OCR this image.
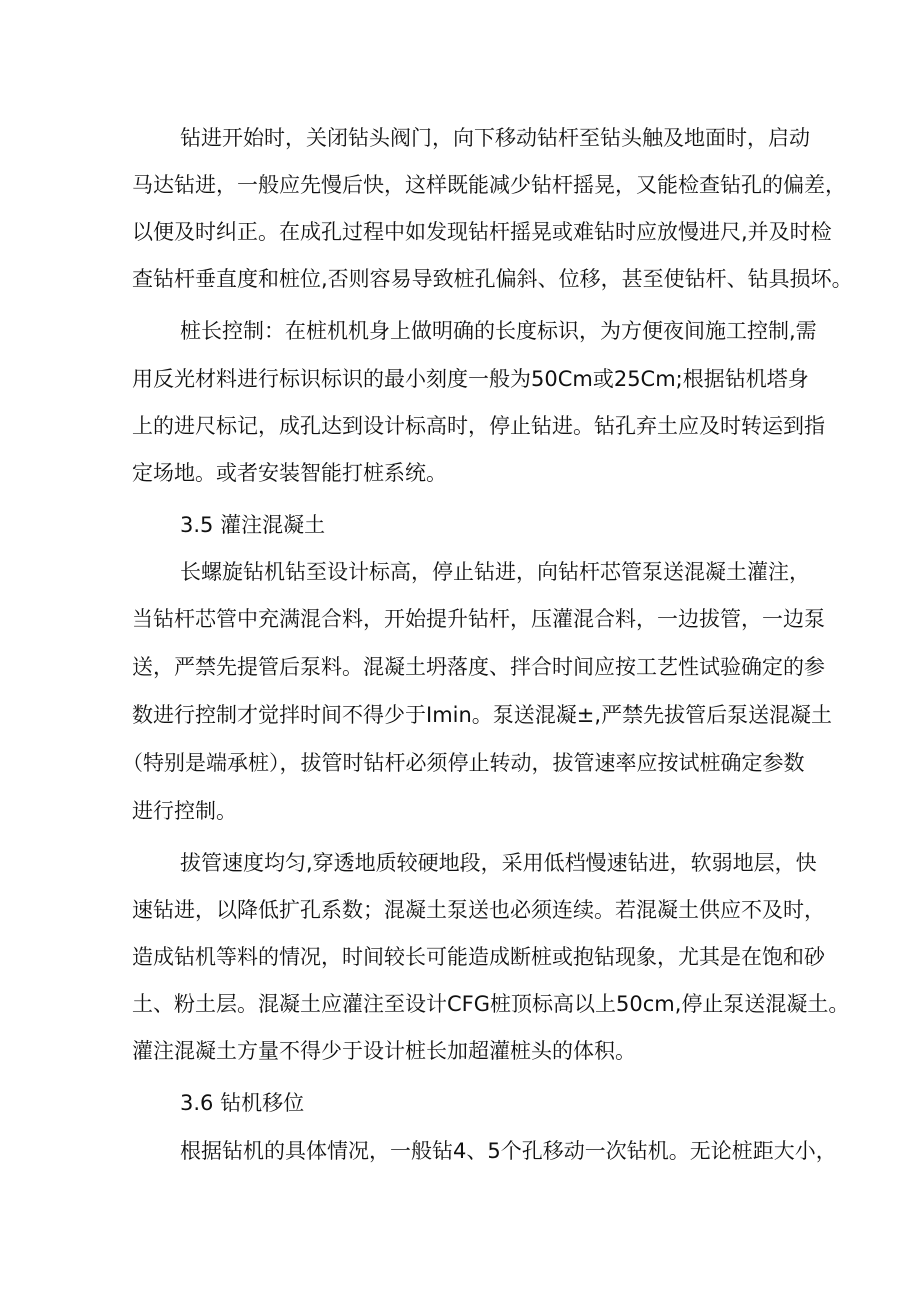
钻进开始时，关闭钻头阀门，向下移动钻杆至钻头触及地面时，启动
马达钻进，一般应先慢后快，这样既能减少钻杆摇晃，又能检查钻孔的偏差，
以便及时纠正。在成孔过程中如发现钻杆摇晃或难钻时应放慢进尺,并及时检
查钻杆垂直度和桩位,否则容易导致桩孔偏斜、位移，甚至使钻杆、钻具损坏。
桩长控制：在桩机机身上做明确的长度标识，为方便夜间施工控制,需
用反光材料进行标识标识的最小刻度一般为50Cm或25Cm;根据钻机塔身
上的进尺标记，成孔达到设计标高时，停止钻进。钻孔弃土应及时转运到指
定场地。或者安装智能打桩系统。
3.5 灌注混凝土
长螺旋钻机钻至设计标高，停止钻进，向钻杆芯管泵送混凝土灌注，
当钻杆芯管中充满混合料，开始提升钻杆，压灌混合料，一边拔管，一边泵
送，严禁先提管后泵料。混凝土坍落度、拌合时间应按工艺性试验确定的参
数进行控制才觉拌时间不得少于Imin。泵送混凝±,严禁先拔管后泵送混凝土
（特别是端承桩），拔管时钻杆必须停止转动，拔管速率应按试桩确定参数
进行控制。
拔管速度均匀,穿透地质较硬地段，采用低档慢速钻进，软弱地层，快
速钻进，以降低扩孔系数；混凝土泵送也必须连续。若混凝土供应不及时，
造成钻机等料的情况，时间较长可能造成断桩或抱钻现象，尤其是在饱和砂
土、粉土层。混凝土应灌注至设计CFG桩顶标高以上50cm,停止泵送混凝土。
灌注混凝土方量不得少于设计桩长加超灌桩头的体积。
3.6 钻机移位
根据钻机的具体情况，一般钻4、5个孔移动一次钻机。无论桩距大小，
